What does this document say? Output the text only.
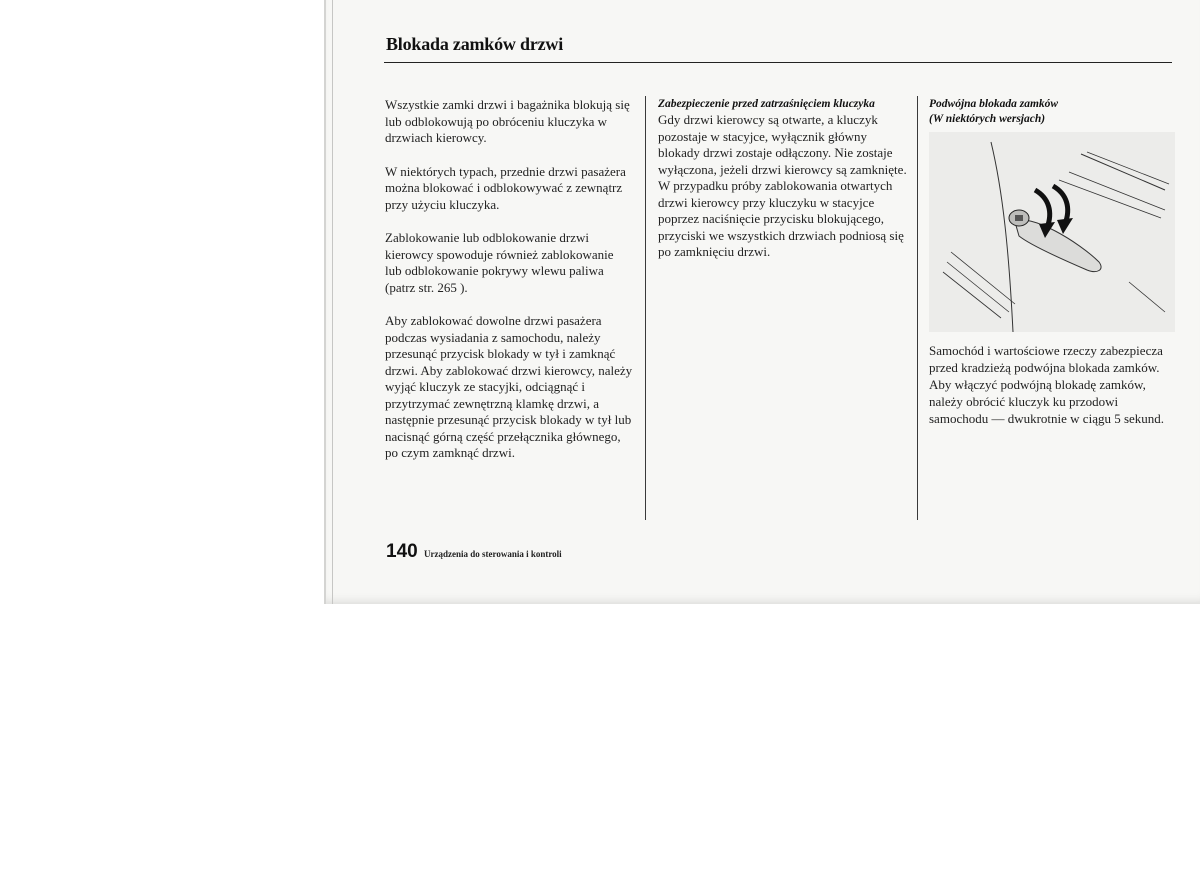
Blokada zamków drzwi

Wszystkie zamki drzwi i bagażnika blokują się lub odblokowują po obróceniu kluczyka w drzwiach kierowcy.

W niektórych typach, przednie drzwi pasażera można blokować i odblokowywać z zewnątrz przy użyciu kluczyka.

Zablokowanie lub odblokowanie drzwi kierowcy spowoduje również zablokowanie lub odblokowanie pokrywy wlewu paliwa (patrz str. 265 ).

Aby zablokować dowolne drzwi pasażera podczas wysiadania z samochodu, należy przesunąć przycisk blokady w tył i zamknąć drzwi. Aby zablokować drzwi kierowcy, należy wyjąć kluczyk ze stacyjki, odciągnąć i przytrzymać zewnętrzną klamkę drzwi, a następnie przesunąć przycisk blokady w tył lub nacisnąć górną część przełącznika głównego, po czym zamknąć drzwi.

Zabezpieczenie przed zatrzaśnięciem kluczyka
Gdy drzwi kierowcy są otwarte, a kluczyk pozostaje w stacyjce, wyłącznik główny blokady drzwi zostaje odłączony. Nie zostaje wyłączona, jeżeli drzwi kierowcy są zamknięte. W przypadku próby zablokowania otwartych drzwi kierowcy przy kluczyku w stacyjce poprzez naciśnięcie przycisku blokującego, przyciski we wszystkich drzwiach podniosą się po zamknięciu drzwi.
Podwójna blokada zamków
(W niektórych wersjach)
Samochód i wartościowe rzeczy zabezpiecza przed kradzieżą podwójna blokada zamków. Aby włączyć podwójną blokadę zamków, należy obrócić kluczyk ku przodowi samochodu — dwukrotnie w ciągu 5 sekund.
140 Urządzenia do sterowania i kontroli
